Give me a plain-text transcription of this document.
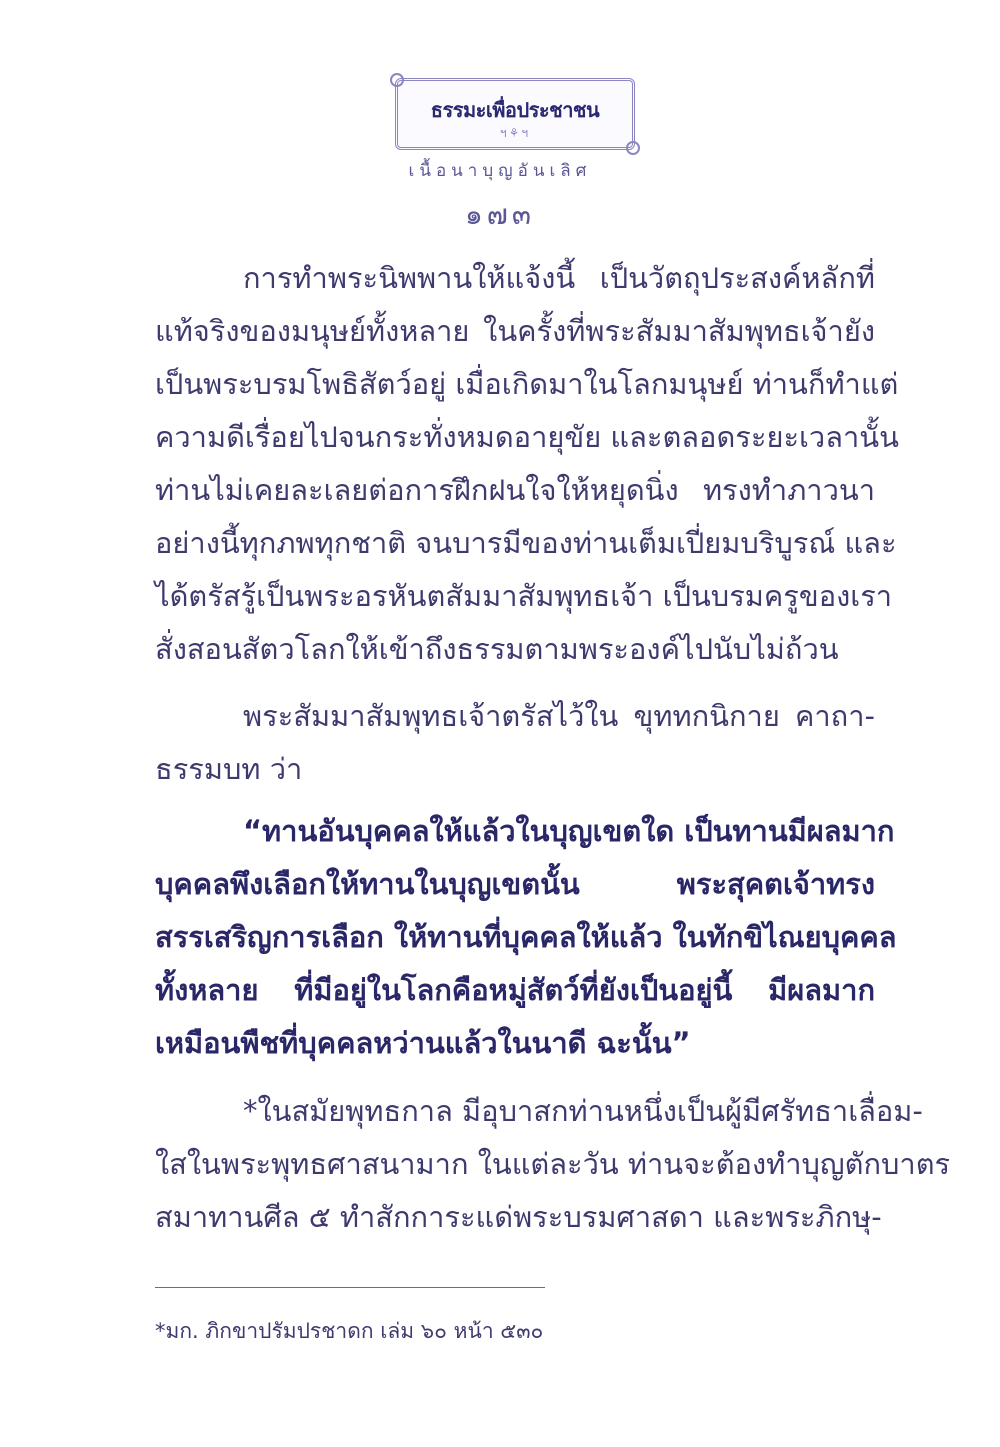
ธรรมะเพื่อประชาชน
ฯ⚘ฯ
เนื้อนาบุญอันเลิศ
๑๗๓
การทำพระนิพพานให้แจ้งนี้ เป็นวัตถุประสงค์หลักที่
แท้จริงของมนุษย์ทั้งหลาย ในครั้งที่พระสัมมาสัมพุทธเจ้ายัง
เป็นพระบรมโพธิสัตว์อยู่ เมื่อเกิดมาในโลกมนุษย์ ท่านก็ทำแต่
ความดีเรื่อยไปจนกระทั่งหมดอายุขัย และตลอดระยะเวลานั้น
ท่านไม่เคยละเลยต่อการฝึกฝนใจให้หยุดนิ่ง ทรงทำภาวนา
อย่างนี้ทุกภพทุกชาติ จนบารมีของท่านเต็มเปี่ยมบริบูรณ์ และ
ได้ตรัสรู้เป็นพระอรหันตสัมมาสัมพุทธเจ้า เป็นบรมครูของเรา
สั่งสอนสัตวโลกให้เข้าถึงธรรมตามพระองค์ไปนับไม่ถ้วน
พระสัมมาสัมพุทธเจ้าตรัสไว้ใน ขุททกนิกาย คาถา-
ธรรมบท ว่า
“ทานอันบุคคลให้แล้วในบุญเขตใด เป็นทานมีผลมาก
บุคคลพึงเลือกให้ทานในบุญเขตนั้น พระสุคตเจ้าทรง
สรรเสริญการเลือก ให้ทานที่บุคคลให้แล้ว ในทักขิไณยบุคคล
ทั้งหลาย ที่มีอยู่ในโลกคือหมู่สัตว์ที่ยังเป็นอยู่นี้ มีผลมาก
เหมือนพืชที่บุคคลหว่านแล้วในนาดี ฉะนั้น”
*ในสมัยพุทธกาล มีอุบาสกท่านหนึ่งเป็นผู้มีศรัทธาเลื่อม-
ใสในพระพุทธศาสนามาก ในแต่ละวัน ท่านจะต้องทำบุญตักบาตร
สมาทานศีล ๕ ทำสักการะแด่พระบรมศาสดา และพระภิกษุ-
*มก. ภิกขาปรัมปรชาดก เล่ม ๖๐ หน้า ๕๓๐
